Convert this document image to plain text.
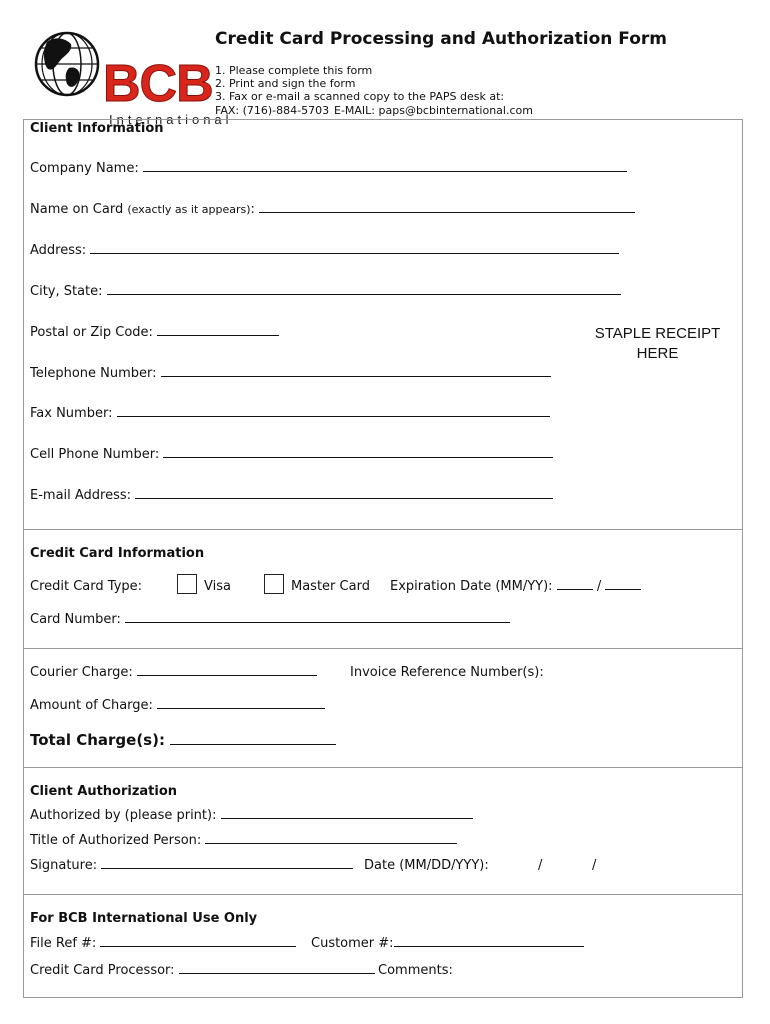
BCB
International
Credit Card Processing and Authorization Form
1. Please complete this form
2. Print and sign the form
3. Fax or e-mail a scanned copy to the PAPS desk at:
FAX: (716)-884-5703 E-MAIL: paps@bcbinternational.com
Client Information
Company Name:
Name on Card (exactly as it appears):
Address:
City, State:
Postal or Zip Code:	STAPLE RECEIPT
HERE
Telephone Number:
Fax Number:
Cell Phone Number:
E-mail Address:
Credit Card Information
Credit Card Type:	Visa	Master Card Expiration Date (MM/YY):	/
Card Number:
Courier Charge:	Invoice Reference Number(s):
Amount of Charge:
Total Charge(s):
Client Authorization
Authorized by (please print):
Title of Authorized Person:
Signature:	Date (MM/DD/YYY):	/	/
For BCB International Use Only
File Ref #:	Customer #:
Credit Card Processor:	Comments:
